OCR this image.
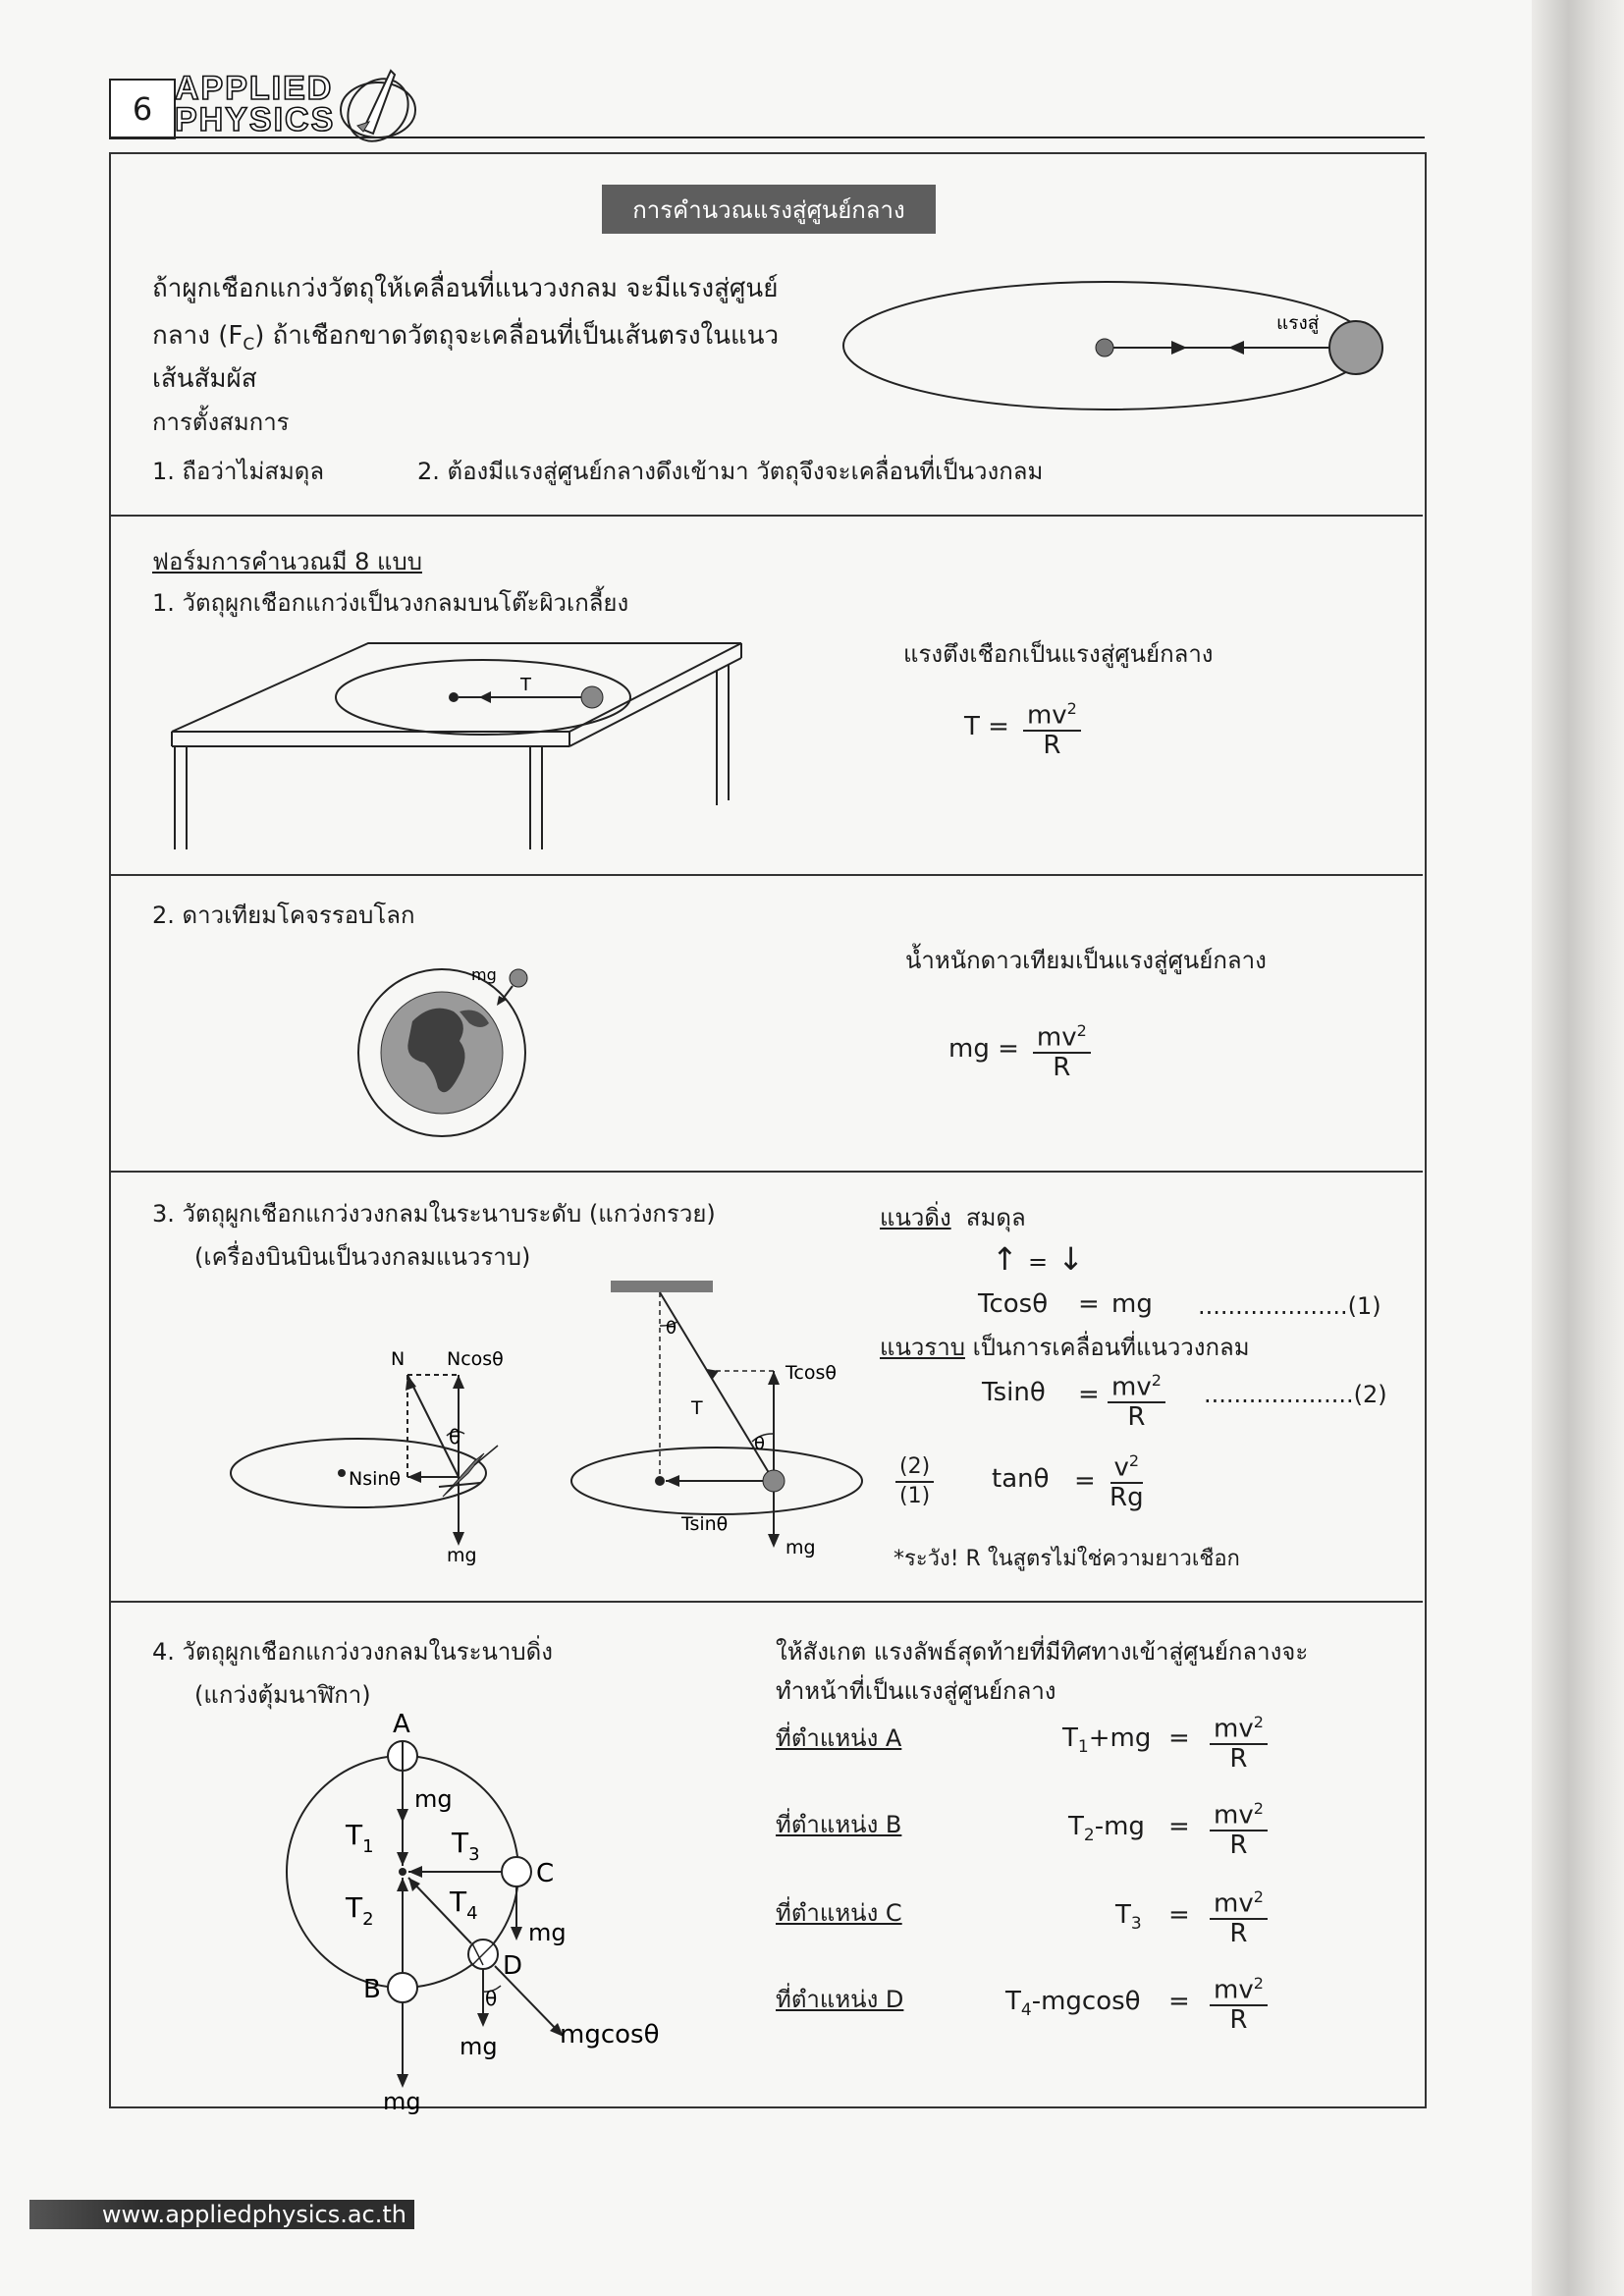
6
APPLIED
PHYSICS
การคำนวณแรงสู่ศูนย์กลาง
ถ้าผูกเชือกแกว่งวัตถุให้เคลื่อนที่แนววงกลม จะมีแรงสู่ศูนย์
กลาง $(F_C)$ ถ้าเชือกขาดวัตถุจะเคลื่อนที่เป็นเส้นตรงในแนว
เส้นสัมผัส
การตั้งสมการ
1. ถือว่าไม่สมดุล	2. ต้องมีแรงสู่ศูนย์กลางดึงเข้ามา วัตถุจึงจะเคลื่อนที่เป็นวงกลม
แรงสู่
ฟอร์มการคำนวณมี 8 แบบ
1. วัตถุผูกเชือกแกว่งเป็นวงกลมบนโต๊ะผิวเกลี้ยง
แรงตึงเชือกเป็นแรงสู่ศูนย์กลาง
$T = \frac{mv^2}{R}$
T
2. ดาวเทียมโคจรรอบโลก
น้ำหนักดาวเทียมเป็นแรงสู่ศูนย์กลาง
mg = $\frac{mv^2}{R}$
mg
3. วัตถุผูกเชือกแกว่งวงกลมในระนาบระดับ (แกว่งกรวย)
(เครื่องบินบินเป็นวงกลมแนวราบ)
แนวดิ่ง สมดุล
↑ = ↓
Tcosθ = mg ....................(1)
แนวราบ เป็นการเคลื่อนที่แนววงกลม
$Tsin\theta = \frac{mv^2}{R} ....................(2)$
$\frac{(2)}{(1)}$ $\tan\theta = \frac{v^2}{Rg}$
*ระวัง! R ในสูตรไม่ใช่ความยาวเชือก
N Ncosθ
θ
Nsinθ
mg
θ
T
Tcosθ
θ
Tsinθ
mg
4. วัตถุผูกเชือกแกว่งวงกลมในระนาบดิ่ง
(แกว่งตุ้มนาฬิกา)
ให้สังเกต แรงลัพธ์สุดท้ายที่มีทิศทางเข้าสู่ศูนย์กลางจะ
ทำหน้าที่เป็นแรงสู่ศูนย์กลาง
ที่ตำแหน่ง A	$T_1+mg = \frac{mv^2}{R}$
ที่ตำแหน่ง B	$T_2-mg = \frac{mv^2}{R}$
ที่ตำแหน่ง C	$T_3 = \frac{mv^2}{R}$
ที่ตำแหน่ง D	$T_4$-mgcosθ = $\frac{mv^2}{R}$
A
mg
$T_1$	$T_3$
C
$T_2$
$T_4$
mg
D
θ
B
mg mgcosθ
mg
www.appliedphysics.ac.th
